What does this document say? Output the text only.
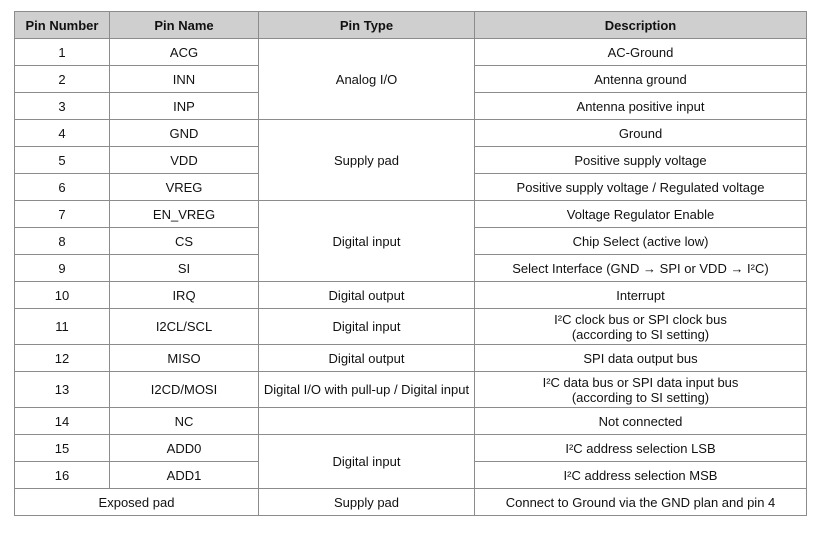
Pin Number	Pin Name	Pin Type	Description
1	ACG	Analog I/O	AC-Ground
2	INN		Antenna ground
3	INP		Antenna positive input
4	GND	Supply pad	Ground
5	VDD		Positive supply voltage
6	VREG		Positive supply voltage / Regulated voltage
7	EN_VREG	Digital input	Voltage Regulator Enable
8	CS		Chip Select (active low)
9	SI		Select Interface (GND → SPI or VDD → I²C)
10	IRQ	Digital output	Interrupt
11	I2CL/SCL	Digital input	I²C clock bus or SPI clock bus
(according to SI setting)
12	MISO	Digital output	SPI data output bus
13	I2CD/MOSI	Digital I/O with pull-up / Digital input	I²C data bus or SPI data input bus
(according to SI setting)
14	NC		Not connected
15	ADD0	Digital input	I²C address selection LSB
16	ADD1		I²C address selection MSB
Exposed pad		Supply pad	Connect to Ground via the GND plan and pin 4
